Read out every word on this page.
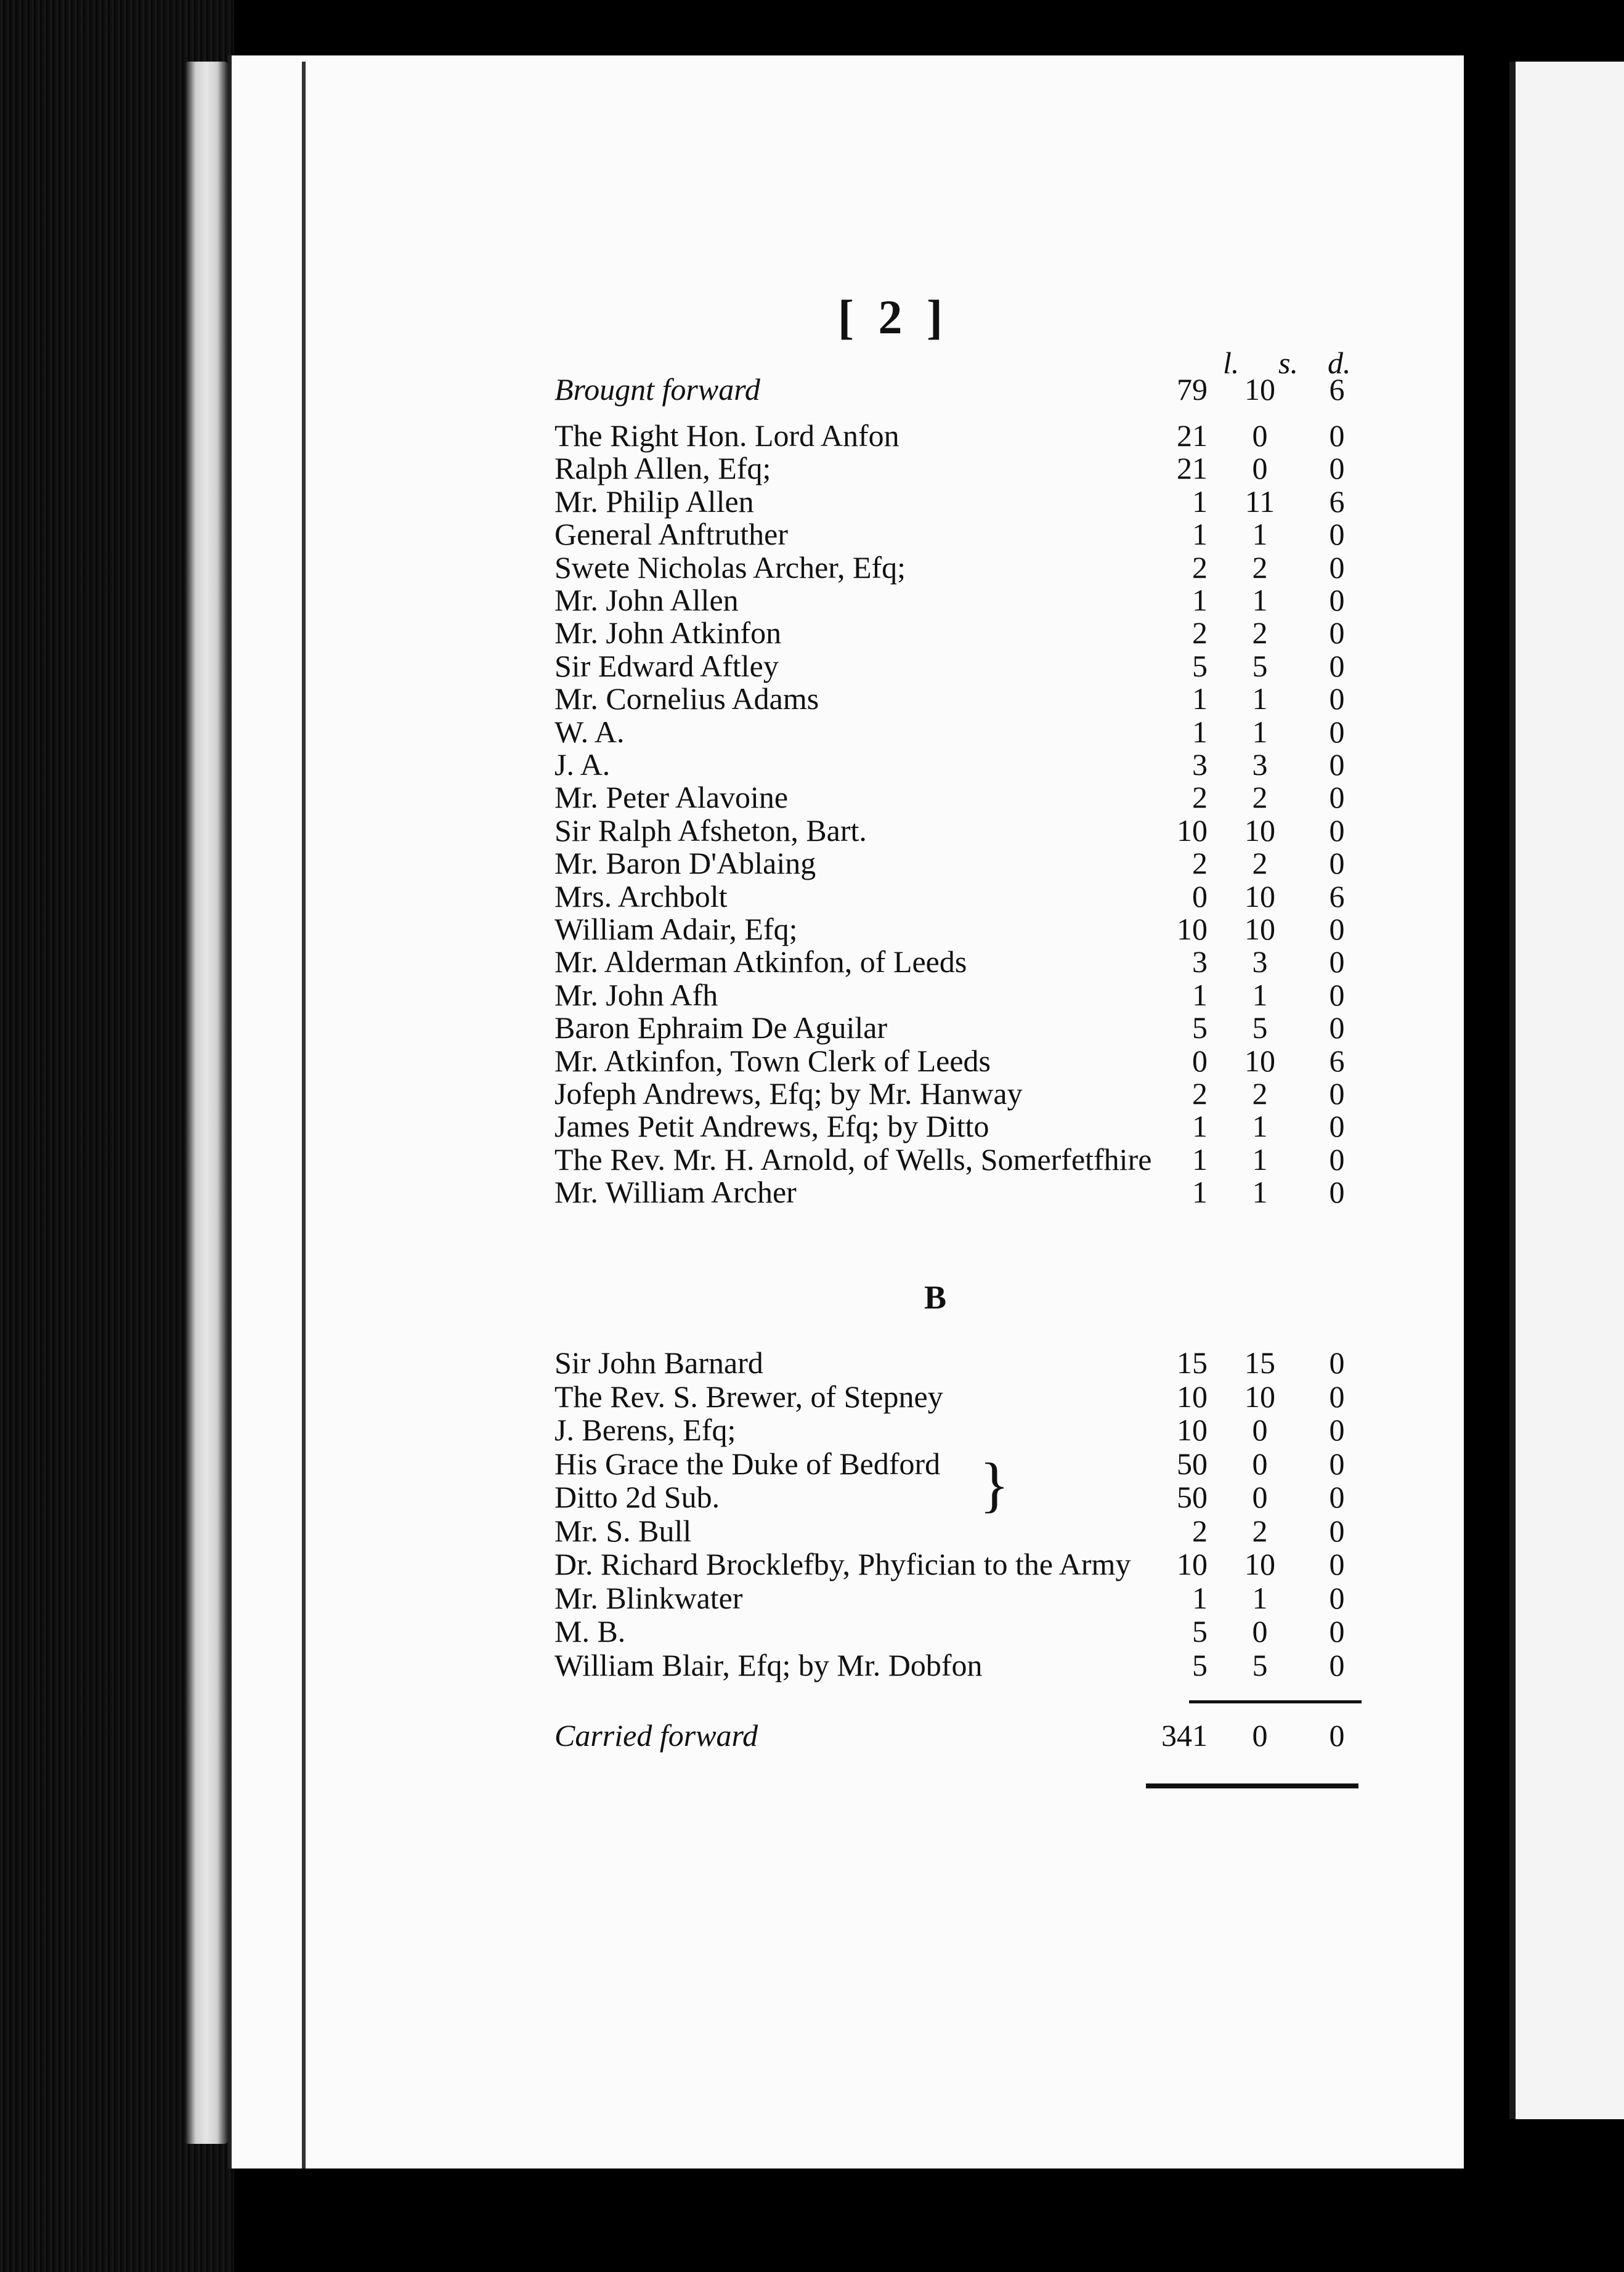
[ 2 ]
l. s. d.
Brougnt forward	79	10	6
The Right Hon. Lord Anfon	21	0	0
Ralph Allen, Efq;	21	0	0
Mr. Philip Allen	1	11	6
General Anftruther	1	1	0
Swete Nicholas Archer, Efq;	2	2	0
Mr. John Allen	1	1	0
Mr. John Atkinfon	2	2	0
Sir Edward Aftley	5	5	0
Mr. Cornelius Adams	1	1	0
W. A.	1	1	0
J. A.	3	3	0
Mr. Peter Alavoine	2	2	0
Sir Ralph Afsheton, Bart.	10	10	0
Mr. Baron D'Ablaing	2	2	0
Mrs. Archbolt	0	10	6
William Adair, Efq;	10	10	0
Mr. Alderman Atkinfon, of Leeds	3	3	0
Mr. John Afh	1	1	0
Baron Ephraim De Aguilar	5	5	0
Mr. Atkinfon, Town Clerk of Leeds	0	10	6
Jofeph Andrews, Efq; by Mr. Hanway	2	2	0
James Petit Andrews, Efq; by Ditto	1	1	0
The Rev. Mr. H. Arnold, of Wells, Somerfetfhire	1	1	0
Mr. William Archer	1	1	0
B
Sir John Barnard	15	15	0
The Rev. S. Brewer, of Stepney	10	10	0
J. Berens, Efq;	10	0	0
His Grace the Duke of Bedford	50	0	0
Ditto 2d Sub.	50	0	0
Mr. S. Bull	2	2	0
Dr. Richard Brocklefby, Phyfician to the Army	10	10	0
Mr. Blinkwater	1	1	0
M. B.	5	0	0
William Blair, Efq; by Mr. Dobfon	5	5	0
}
Carried forward	341	0	0
